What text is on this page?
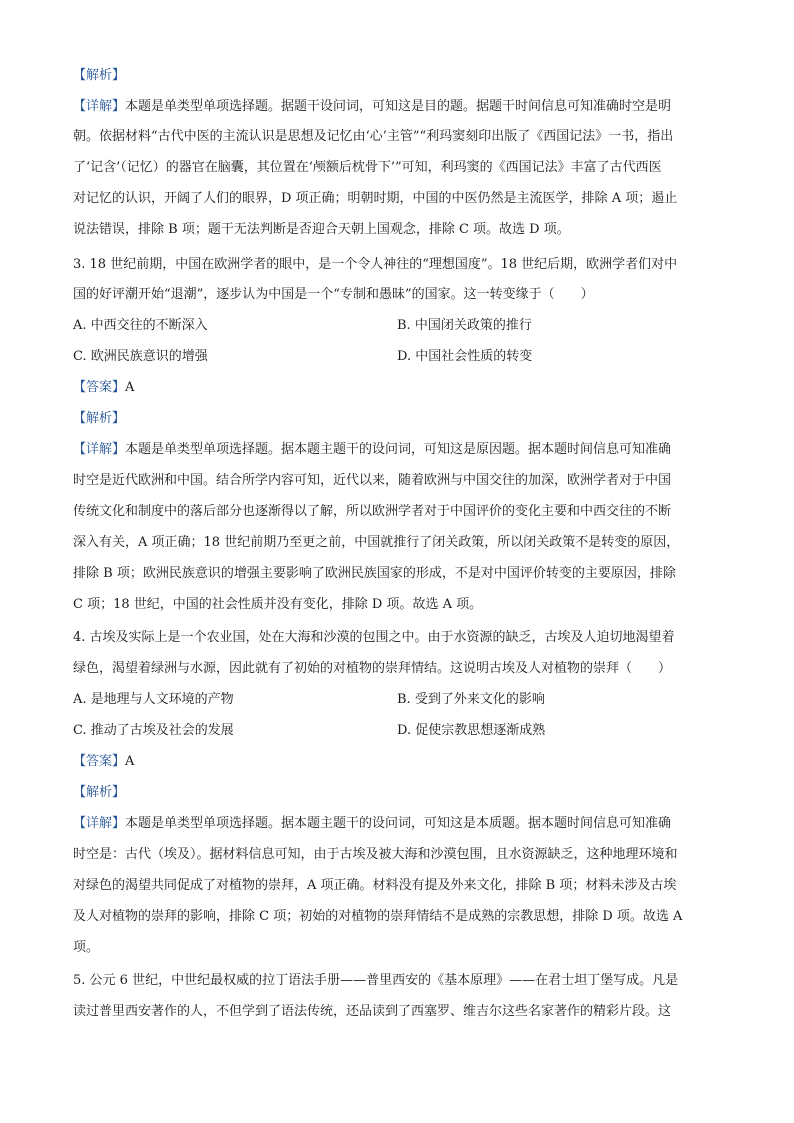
【解析】
【详解】本题是单类型单项选择题。据题干设问词，可知这是目的题。据题干时间信息可知准确时空是明
朝。依据材料“古代中医的主流认识是思想及记忆由‘心’主管”“利玛窦刻印出版了《西国记法》一书，指出
了‘记含’（记忆）的器官在脑囊，其位置在‘颅额后枕骨下’”可知，利玛窦的《西国记法》丰富了古代西医
对记忆的认识，开阔了人们的眼界，D 项正确；明朝时期，中国的中医仍然是主流医学，排除 A 项；遏止
说法错误，排除 B 项；题干无法判断是否迎合天朝上国观念，排除 C 项。故选 D 项。
3. 18 世纪前期，中国在欧洲学者的眼中，是一个令人神往的“理想国度”。18 世纪后期，欧洲学者们对中
国的好评潮开始“退潮”，逐步认为中国是一个“专制和愚昧”的国家。这一转变缘于（　　）
A. 中西交往的不断深入	B. 中国闭关政策的推行
C. 欧洲民族意识的增强	D. 中国社会性质的转变
【答案】A
【解析】
【详解】本题是单类型单项选择题。据本题主题干的设问词，可知这是原因题。据本题时间信息可知准确
时空是近代欧洲和中国。结合所学内容可知，近代以来，随着欧洲与中国交往的加深，欧洲学者对于中国
传统文化和制度中的落后部分也逐渐得以了解，所以欧洲学者对于中国评价的变化主要和中西交往的不断
深入有关，A 项正确；18 世纪前期乃至更之前，中国就推行了闭关政策，所以闭关政策不是转变的原因，
排除 B 项；欧洲民族意识的增强主要影响了欧洲民族国家的形成，不是对中国评价转变的主要原因，排除
C 项；18 世纪，中国的社会性质并没有变化，排除 D 项。故选 A 项。
4. 古埃及实际上是一个农业国，处在大海和沙漠的包围之中。由于水资源的缺乏，古埃及人迫切地渴望着
绿色，渴望着绿洲与水源，因此就有了初始的对植物的崇拜情结。这说明古埃及人对植物的崇拜（　　）
A. 是地理与人文环境的产物	B. 受到了外来文化的影响
C. 推动了古埃及社会的发展	D. 促使宗教思想逐渐成熟
【答案】A
【解析】
【详解】本题是单类型单项选择题。据本题主题干的设问词，可知这是本质题。据本题时间信息可知准确
时空是：古代（埃及）。据材料信息可知，由于古埃及被大海和沙漠包围，且水资源缺乏，这种地理环境和
对绿色的渴望共同促成了对植物的崇拜，A 项正确。材料没有提及外来文化，排除 B 项；材料未涉及古埃
及人对植物的崇拜的影响，排除 C 项；初始的对植物的崇拜情结不是成熟的宗教思想，排除 D 项。故选 A
项。
5. 公元 6 世纪，中世纪最权威的拉丁语法手册——普里西安的《基本原理》——在君士坦丁堡写成。凡是
读过普里西安著作的人，不但学到了语法传统，还品读到了西塞罗、维吉尔这些名家著作的精彩片段。这
